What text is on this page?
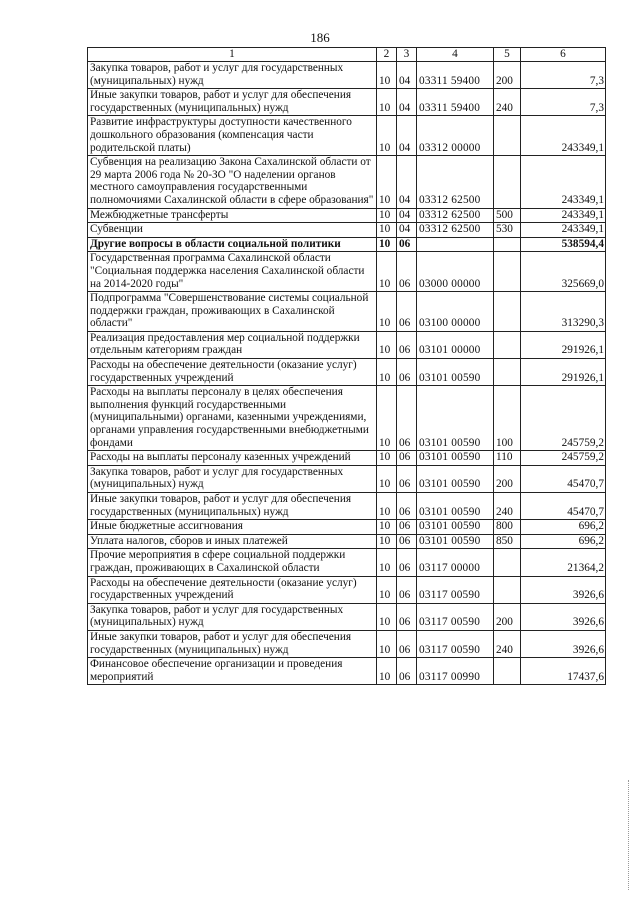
186
1	2	3	4	5	6
Закупка товаров, работ и услуг для государственных (муниципальных) нужд	10	04	03311 59400	200	7,3
Иные закупки товаров, работ и услуг для обеспечения государственных (муниципальных) нужд	10	04	03311 59400	240	7,3
Развитие инфраструктуры доступности качественного дошкольного образования (компенсация части родительской платы)	10	04	03312 00000		243349,1
Субвенция на реализацию Закона Сахалинской области от 29 марта 2006 года № 20-ЗО "О наделении органов местного самоуправления государственными полномочиями Сахалинской области в сфере образования"	10	04	03312 62500		243349,1
Межбюджетные трансферты	10	04	03312 62500	500	243349,1
Субвенции	10	04	03312 62500	530	243349,1
Другие вопросы в области социальной политики	10	06			538594,4
Государственная программа Сахалинской области "Социальная поддержка населения Сахалинской области на 2014-2020 годы"	10	06	03000 00000		325669,0
Подпрограмма "Совершенствование системы социальной поддержки граждан, проживающих в Сахалинской области"	10	06	03100 00000		313290,3
Реализация предоставления мер социальной поддержки отдельным категориям граждан	10	06	03101 00000		291926,1
Расходы на обеспечение деятельности (оказание услуг) государственных учреждений	10	06	03101 00590		291926,1
Расходы на выплаты персоналу в целях обеспечения выполнения функций государственными (муниципальными) органами, казенными учреждениями, органами управления государственными внебюджетными фондами	10	06	03101 00590	100	245759,2
Расходы на выплаты персоналу казенных учреждений	10	06	03101 00590	110	245759,2
Закупка товаров, работ и услуг для государственных (муниципальных) нужд	10	06	03101 00590	200	45470,7
Иные закупки товаров, работ и услуг для обеспечения государственных (муниципальных) нужд	10	06	03101 00590	240	45470,7
Иные бюджетные ассигнования	10	06	03101 00590	800	696,2
Уплата налогов, сборов и иных платежей	10	06	03101 00590	850	696,2
Прочие мероприятия в сфере социальной поддержки граждан, проживающих в Сахалинской области	10	06	03117 00000		21364,2
Расходы на обеспечение деятельности (оказание услуг) государственных учреждений	10	06	03117 00590		3926,6
Закупка товаров, работ и услуг для государственных (муниципальных) нужд	10	06	03117 00590	200	3926,6
Иные закупки товаров, работ и услуг для обеспечения государственных (муниципальных) нужд	10	06	03117 00590	240	3926,6
Финансовое обеспечение организации и проведения мероприятий	10	06	03117 00990		17437,6
